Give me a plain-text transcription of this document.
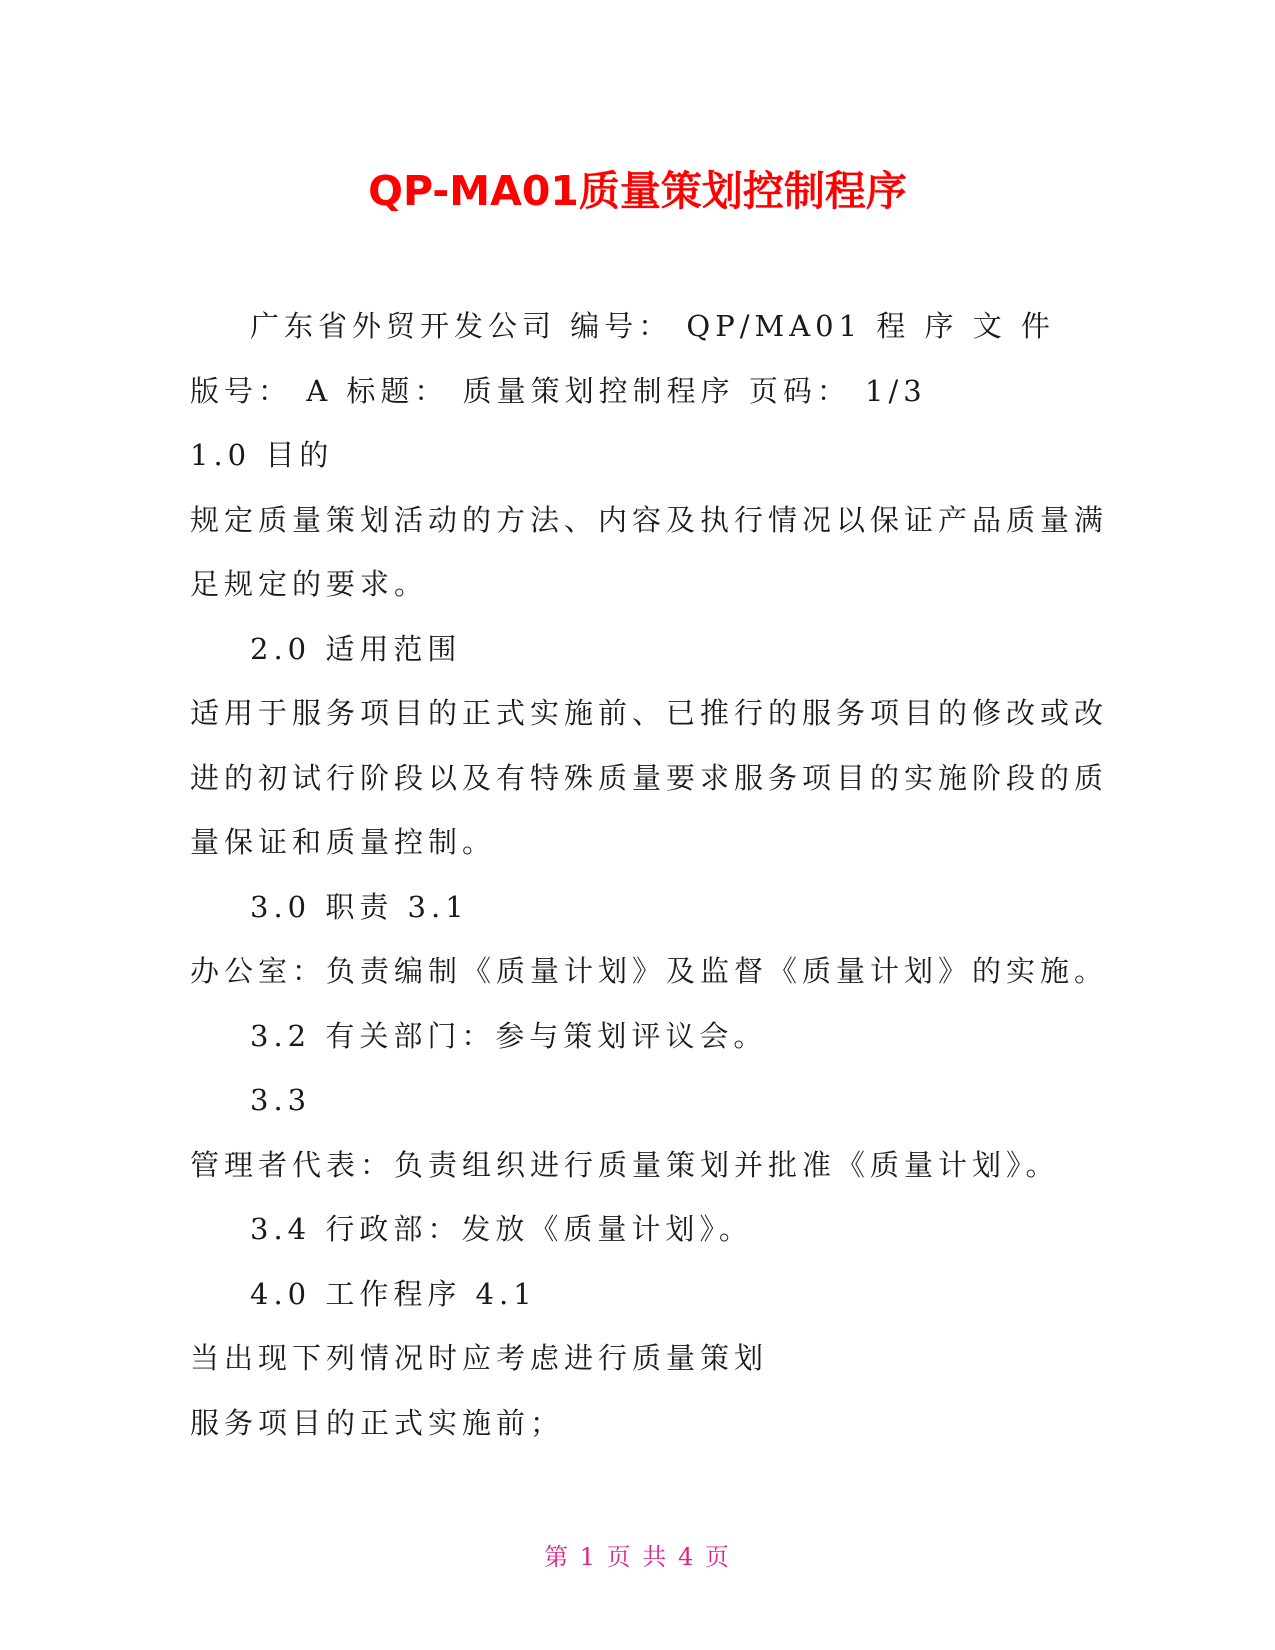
QP-MA01质量策划控制程序
广东省外贸开发公司 编号： QP/MA01 程 序 文 件
版号： A 标题： 质量策划控制程序 页码： 1/3
1.0 目的
规定质量策划活动的方法、内容及执行情况以保证产品质量满
足规定的要求。
2.0 适用范围
适用于服务项目的正式实施前、已推行的服务项目的修改或改
进的初试行阶段以及有特殊质量要求服务项目的实施阶段的质
量保证和质量控制。
3.0 职责 3.1
办公室：负责编制《质量计划》及监督《质量计划》的实施。
3.2 有关部门：参与策划评议会。
3.3
管理者代表：负责组织进行质量策划并批准《质量计划》。
3.4 行政部：发放《质量计划》。
4.0 工作程序 4.1
当出现下列情况时应考虑进行质量策划
服务项目的正式实施前；
第 1 页 共 4 页
